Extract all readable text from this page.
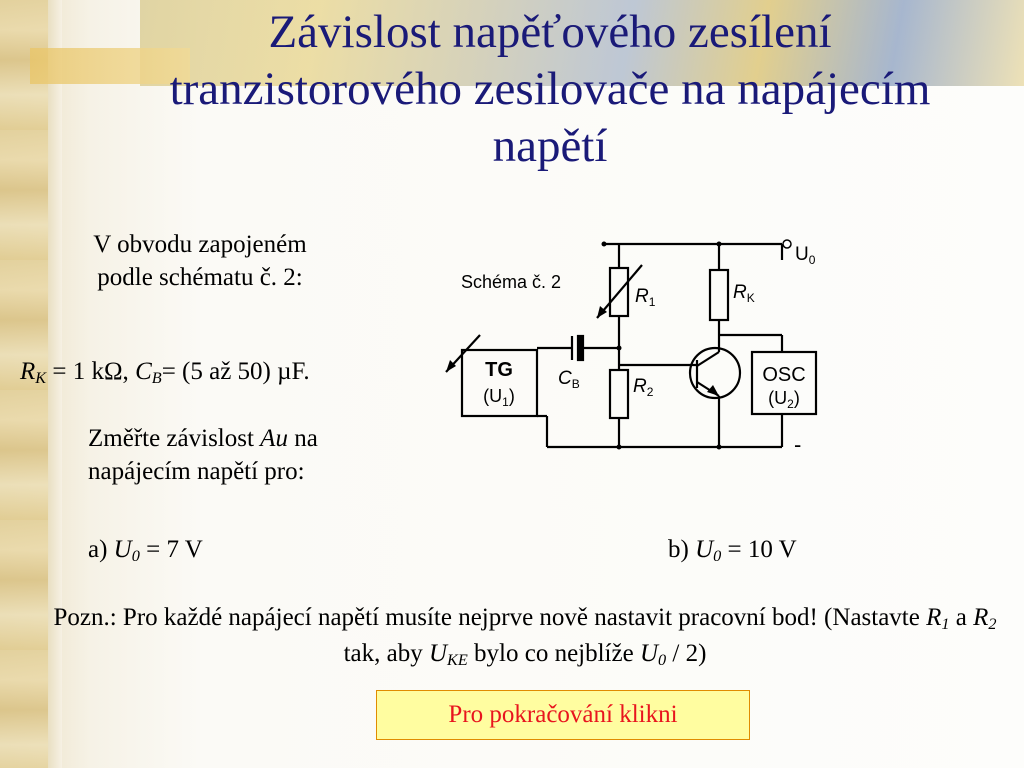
Závislost napěťového zesílení tranzistorového zesilovače na napájecím napětí
V obvodu zapojeném podle schématu č. 2:
$R_K = 1$ kΩ, $C_B= (5$ až 50) µF.
Změřte závislost Au na napájecím napětí pro:
a) $U_0 = 7$ V	b) $U_0 = 10$ V
Pozn.: Pro každé napájecí napětí musíte nejprve nově nastavit pracovní bod! (Nastavte $R_1$ a $R_2$ tak, aby $U_{KE}$ bylo co nejblíže $U_0 / 2$)
Pro pokračování klikni
$U_0$
Schéma č. 2
$R_1$	$R_K$
$C_B$	$R_2$
TG
$(U_1)$
OSC
$(U_2)$
-
